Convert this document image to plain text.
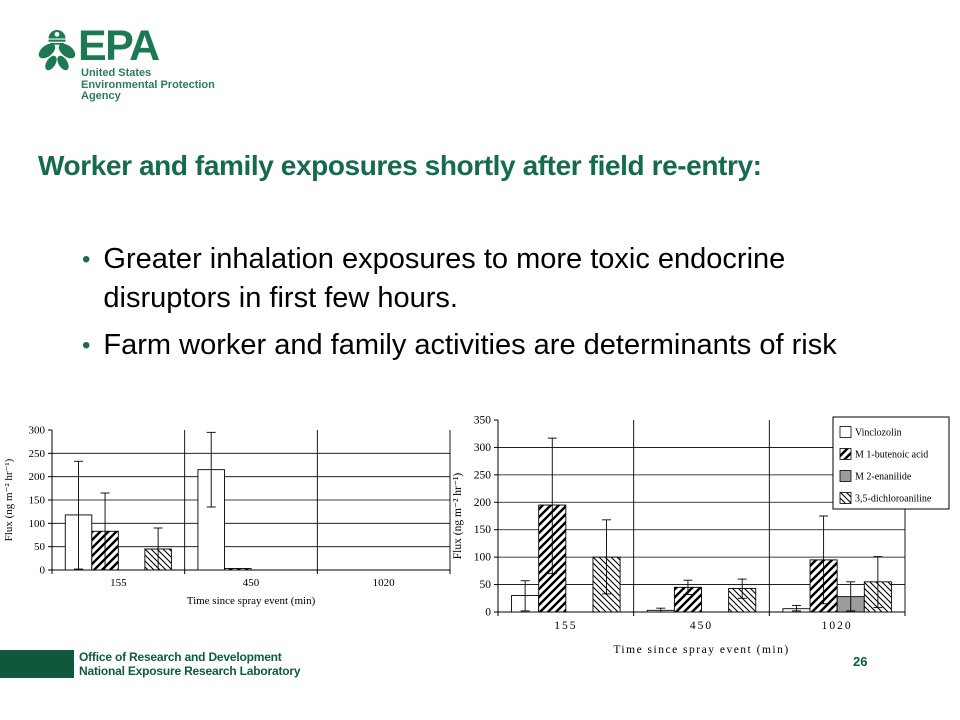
EPA
United States
Environmental Protection
Agency
Worker and family exposures shortly after field re-entry:
• Greater inhalation exposures to more toxic endocrine disruptors in first few hours.
• Farm worker and family activities are determinants of risk
0
50
100
150
200
250
300
155	450	1020
Time since spray event (min)
Flux (ng m⁻² hr⁻¹)
0
50
100
150
200
250
300
350
155	450	1020
Time since spray event (min)
Flux (ng m⁻² hr⁻¹)
Vinclozolin
M 1-butenoic acid
M 2-enanilide
3,5-dichloroaniline
Office of Research and Development
National Exposure Research Laboratory
26
